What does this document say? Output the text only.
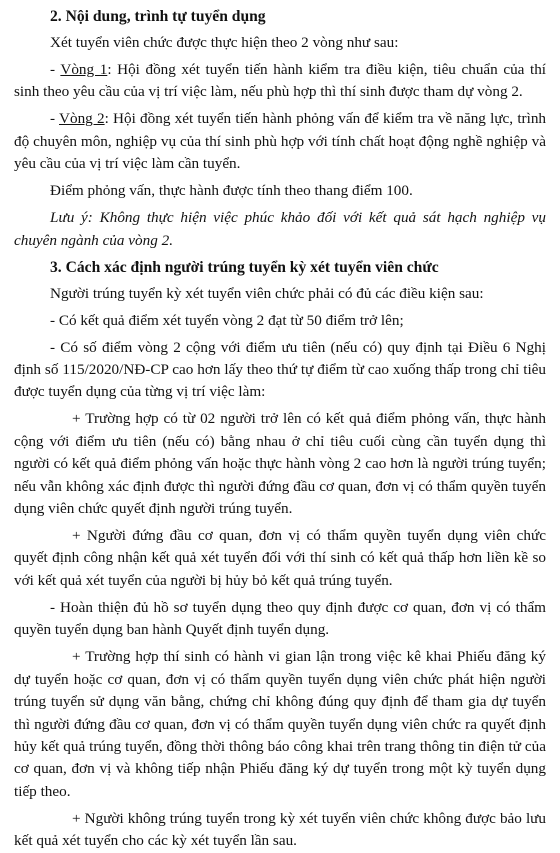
2. Nội dung, trình tự tuyển dụng

Xét tuyển viên chức được thực hiện theo 2 vòng như sau:

- Vòng 1: Hội đồng xét tuyển tiến hành kiểm tra điều kiện, tiêu chuẩn của thí sinh theo yêu cầu của vị trí việc làm, nếu phù hợp thì thí sinh được tham dự vòng 2.

- Vòng 2: Hội đồng xét tuyển tiến hành phỏng vấn để kiểm tra về năng lực, trình độ chuyên môn, nghiệp vụ của thí sinh phù hợp với tính chất hoạt động nghề nghiệp và yêu cầu của vị trí việc làm cần tuyển.

Điểm phỏng vấn, thực hành được tính theo thang điểm 100.

Lưu ý: Không thực hiện việc phúc khảo đối với kết quả sát hạch nghiệp vụ chuyên ngành của vòng 2.

3. Cách xác định người trúng tuyển kỳ xét tuyển viên chức

Người trúng tuyển kỳ xét tuyển viên chức phải có đủ các điều kiện sau:

- Có kết quả điểm xét tuyển vòng 2 đạt từ 50 điểm trở lên;

- Có số điểm vòng 2 cộng với điểm ưu tiên (nếu có) quy định tại Điều 6 Nghị định số 115/2020/NĐ-CP cao hơn lấy theo thứ tự điểm từ cao xuống thấp trong chỉ tiêu được tuyển dụng của từng vị trí việc làm:

+ Trường hợp có từ 02 người trở lên có kết quả điểm phỏng vấn, thực hành cộng với điểm ưu tiên (nếu có) bằng nhau ở chỉ tiêu cuối cùng cần tuyển dụng thì người có kết quả điểm phỏng vấn hoặc thực hành vòng 2 cao hơn là người trúng tuyển; nếu vẫn không xác định được thì người đứng đầu cơ quan, đơn vị có thẩm quyền tuyển dụng viên chức quyết định người trúng tuyển.

+ Người đứng đầu cơ quan, đơn vị có thẩm quyền tuyển dụng viên chức quyết định công nhận kết quả xét tuyển đối với thí sinh có kết quả thấp hơn liền kề so với kết quả xét tuyển của người bị hủy bỏ kết quả trúng tuyển.

- Hoàn thiện đủ hồ sơ tuyển dụng theo quy định được cơ quan, đơn vị có thẩm quyền tuyển dụng ban hành Quyết định tuyển dụng.

+ Trường hợp thí sinh có hành vi gian lận trong việc kê khai Phiếu đăng ký dự tuyển hoặc cơ quan, đơn vị có thẩm quyền tuyển dụng viên chức phát hiện người trúng tuyển sử dụng văn bằng, chứng chỉ không đúng quy định để tham gia dự tuyển thì người đứng đầu cơ quan, đơn vị có thẩm quyền tuyển dụng viên chức ra quyết định hủy kết quả trúng tuyển, đồng thời thông báo công khai trên trang thông tin điện tử của cơ quan, đơn vị và không tiếp nhận Phiếu đăng ký dự tuyển trong một kỳ tuyển dụng tiếp theo.

+ Người không trúng tuyển trong kỳ xét tuyển viên chức không được bảo lưu kết quả xét tuyển cho các kỳ xét tuyển lần sau.
